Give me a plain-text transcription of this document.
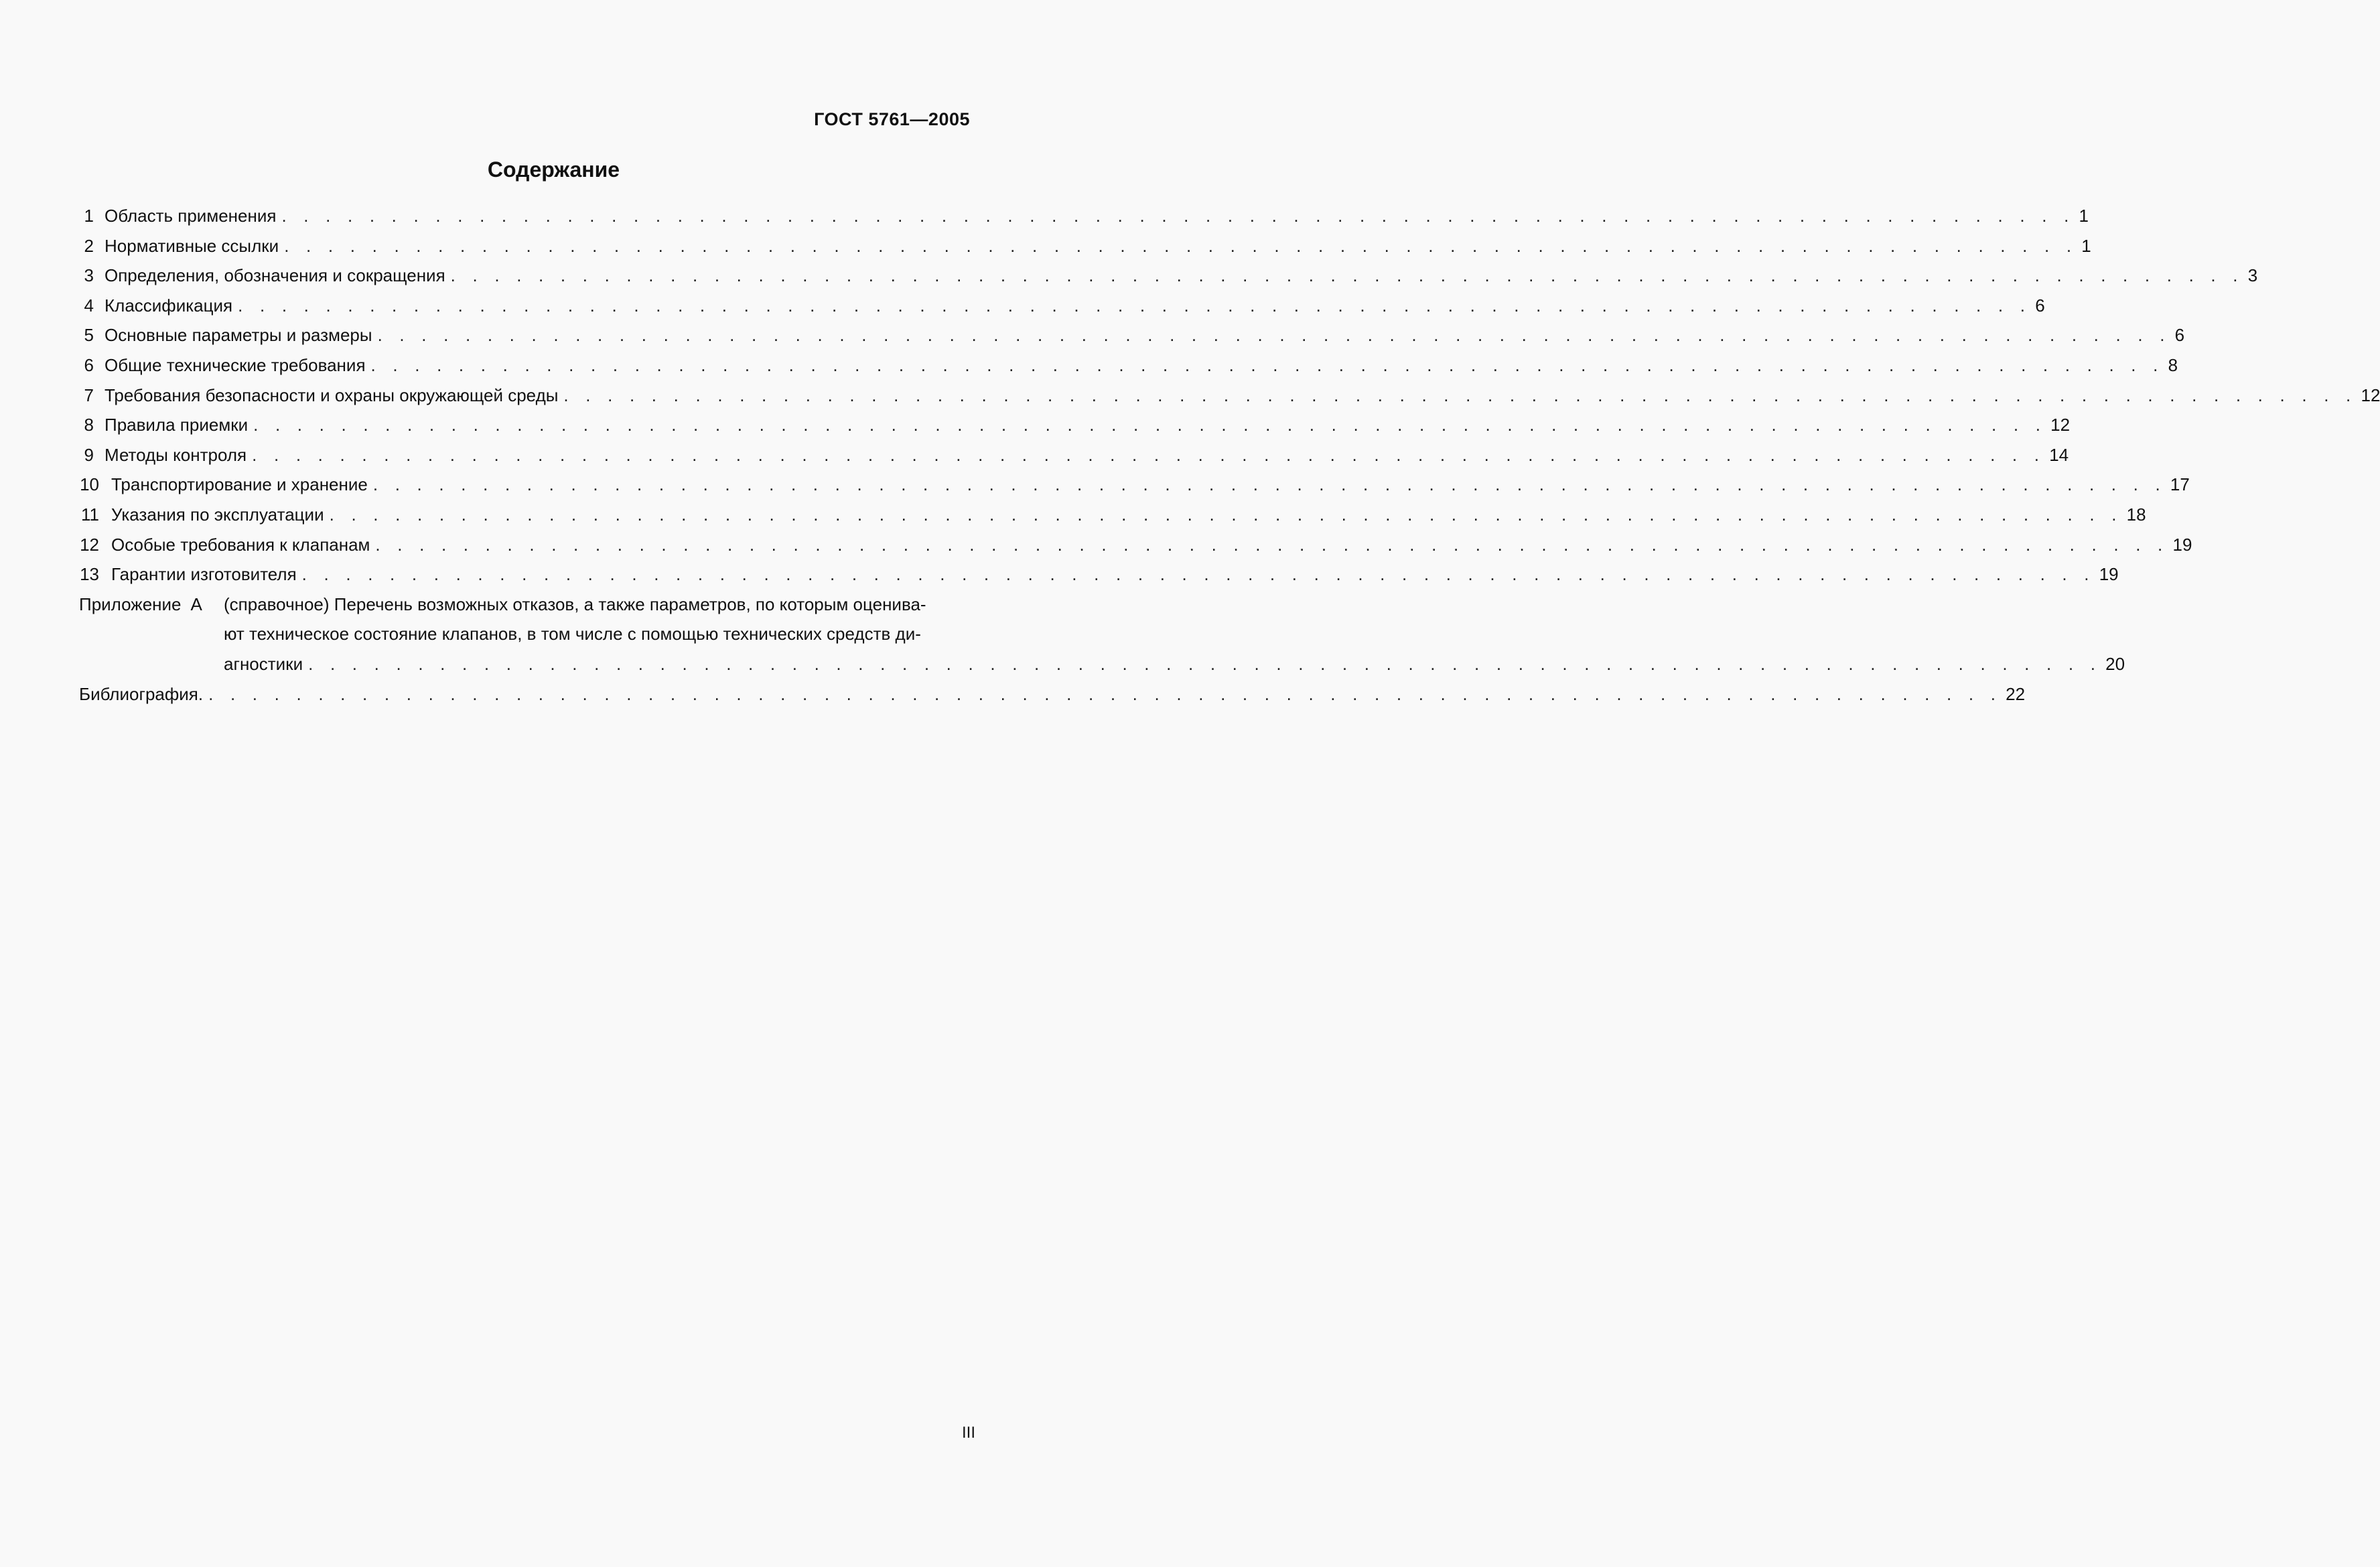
ГОСТ 5761—2005
Содержание
1 Область применения . . . . . . . . . . . . . . . . . . . . . . . . . . . . . . . . . . . . . . . . . . . . . . . . . . . . . . . . . . . . . . . . . . . . . . . . . . . . . . . . . . 1
2 Нормативные ссылки . . . . . . . . . . . . . . . . . . . . . . . . . . . . . . . . . . . . . . . . . . . . . . . . . . . . . . . . . . . . . . . . . . . . . . . . . . . . . . . . . . 1
3 Определения, обозначения и сокращения . . . . . . . . . . . . . . . . . . . . . . . . . . . . . . . . . . . . . . . . . . . . . . . . . . . . . . . . . . . . . . . . . . . . . . . . . . . . . . . . . . 3
4 Классификация . . . . . . . . . . . . . . . . . . . . . . . . . . . . . . . . . . . . . . . . . . . . . . . . . . . . . . . . . . . . . . . . . . . . . . . . . . . . . . . . . . 6
5 Основные параметры и размеры . . . . . . . . . . . . . . . . . . . . . . . . . . . . . . . . . . . . . . . . . . . . . . . . . . . . . . . . . . . . . . . . . . . . . . . . . . . . . . . . . . 6
6 Общие технические требования . . . . . . . . . . . . . . . . . . . . . . . . . . . . . . . . . . . . . . . . . . . . . . . . . . . . . . . . . . . . . . . . . . . . . . . . . . . . . . . . . . 8
7 Требования безопасности и охраны окружающей среды . . . . . . . . . . . . . . . . . . . . . . . . . . . . . . . . . . . . . . . . . . . . . . . . . . . . . . . . . . . . . . . . . . . . . . . . . . . . . . . . . . 12
8 Правила приемки . . . . . . . . . . . . . . . . . . . . . . . . . . . . . . . . . . . . . . . . . . . . . . . . . . . . . . . . . . . . . . . . . . . . . . . . . . . . . . . . . . 12
9 Методы контроля . . . . . . . . . . . . . . . . . . . . . . . . . . . . . . . . . . . . . . . . . . . . . . . . . . . . . . . . . . . . . . . . . . . . . . . . . . . . . . . . . . 14
10 Транспортирование и хранение . . . . . . . . . . . . . . . . . . . . . . . . . . . . . . . . . . . . . . . . . . . . . . . . . . . . . . . . . . . . . . . . . . . . . . . . . . . . . . . . . . 17
11 Указания по эксплуатации . . . . . . . . . . . . . . . . . . . . . . . . . . . . . . . . . . . . . . . . . . . . . . . . . . . . . . . . . . . . . . . . . . . . . . . . . . . . . . . . . . 18
12 Особые требования к клапанам . . . . . . . . . . . . . . . . . . . . . . . . . . . . . . . . . . . . . . . . . . . . . . . . . . . . . . . . . . . . . . . . . . . . . . . . . . . . . . . . . . 19
13 Гарантии изготовителя . . . . . . . . . . . . . . . . . . . . . . . . . . . . . . . . . . . . . . . . . . . . . . . . . . . . . . . . . . . . . . . . . . . . . . . . . . . . . . . . . . 19
Приложение А	(справочное) Перечень возможных отказов, а также параметров, по которым оценива-
ют техническое состояние клапанов, в том числе с помощью технических средств ди-
агностики . . . . . . . . . . . . . . . . . . . . . . . . . . . . . . . . . . . . . . . . . . . . . . . . . . . . . . . . . . . . . . . . . . . . . . . . . . . . . . . . . . 20
Библиография. . . . . . . . . . . . . . . . . . . . . . . . . . . . . . . . . . . . . . . . . . . . . . . . . . . . . . . . . . . . . . . . . . . . . . . . . . . . . . . . . . . 22
III
